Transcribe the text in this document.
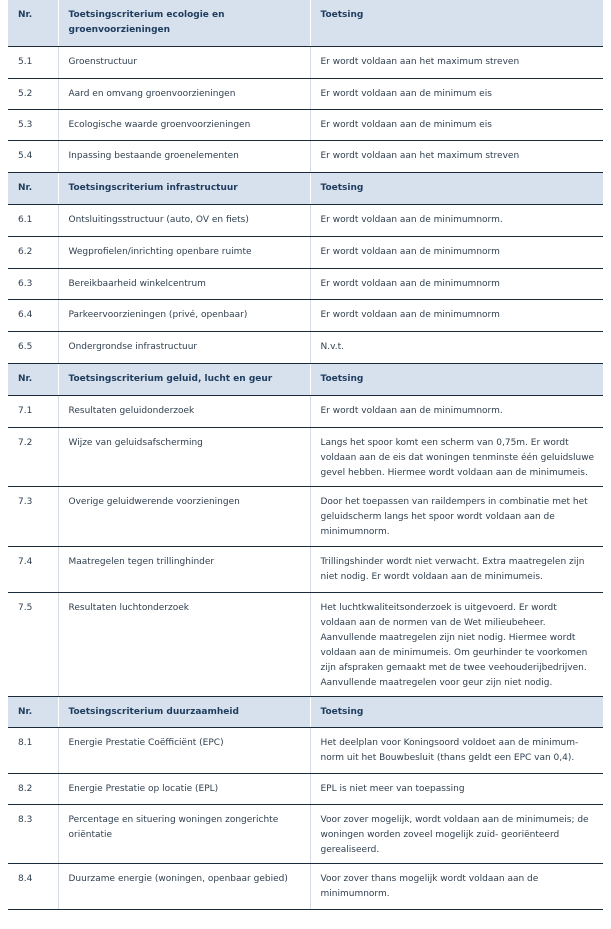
Nr.	Toetsingscriterium ecologie en groenvoorzieningen	Toetsing
5.1	Groenstructuur	Er wordt voldaan aan het maximum streven
5.2	Aard en omvang groenvoorzieningen	Er wordt voldaan aan de minimum eis
5.3	Ecologische waarde groenvoorzieningen	Er wordt voldaan aan de minimum eis
5.4	Inpassing bestaande groenelementen	Er wordt voldaan aan het maximum streven
Nr.	Toetsingscriterium infrastructuur	Toetsing
6.1	Ontsluitingsstructuur (auto, OV en fiets)	Er wordt voldaan aan de minimumnorm.
6.2	Wegprofielen/inrichting openbare ruimte	Er wordt voldaan aan de minimumnorm
6.3	Bereikbaarheid winkelcentrum	Er wordt voldaan aan de minimumnorm
6.4	Parkeervoorzieningen (privé, openbaar)	Er wordt voldaan aan de minimumnorm
6.5	Ondergrondse infrastructuur	N.v.t.
Nr.	Toetsingscriterium geluid, lucht en geur	Toetsing
7.1	Resultaten geluidonderzoek	Er wordt voldaan aan de minimumnorm.
7.2	Wijze van geluidsafscherming	Langs het spoor komt een scherm van 0,75m. Er wordt voldaan aan de eis dat woningen tenminste één geluidsluwe gevel hebben. Hiermee wordt voldaan aan de minimumeis.
7.3	Overige geluidwerende voorzieningen	Door het toepassen van raildempers in combinatie met het geluidscherm langs het spoor wordt voldaan aan de minimumnorm.
7.4	Maatregelen tegen trillinghinder	Trillingshinder wordt niet verwacht. Extra maatregelen zijn niet nodig. Er wordt voldaan aan de minimumeis.
7.5	Resultaten luchtonderzoek	Het luchtkwaliteitsonderzoek is uitgevoerd. Er wordt voldaan aan de normen van de Wet milieubeheer. Aanvullende maatregelen zijn niet nodig. Hiermee wordt voldaan aan de minimumeis. Om geurhinder te voorkomen zijn afspraken gemaakt met de twee veehouderijbedrijven. Aanvullende maatregelen voor geur zijn niet nodig.
Nr.	Toetsingscriterium duurzaamheid	Toetsing
8.1	Energie Prestatie Coëfficiënt (EPC)	Het deelplan voor Koningsoord voldoet aan de minimum-norm uit het Bouwbesluit (thans geldt een EPC van 0,4).
8.2	Energie Prestatie op locatie (EPL)	EPL is niet meer van toepassing
8.3	Percentage en situering woningen zongerichte oriëntatie	Voor zover mogelijk, wordt voldaan aan de minimumeis; de woningen worden zoveel mogelijk zuid- georiënteerd gerealiseerd.
8.4	Duurzame energie (woningen, openbaar gebied)	Voor zover thans mogelijk wordt voldaan aan de minimumnorm.
